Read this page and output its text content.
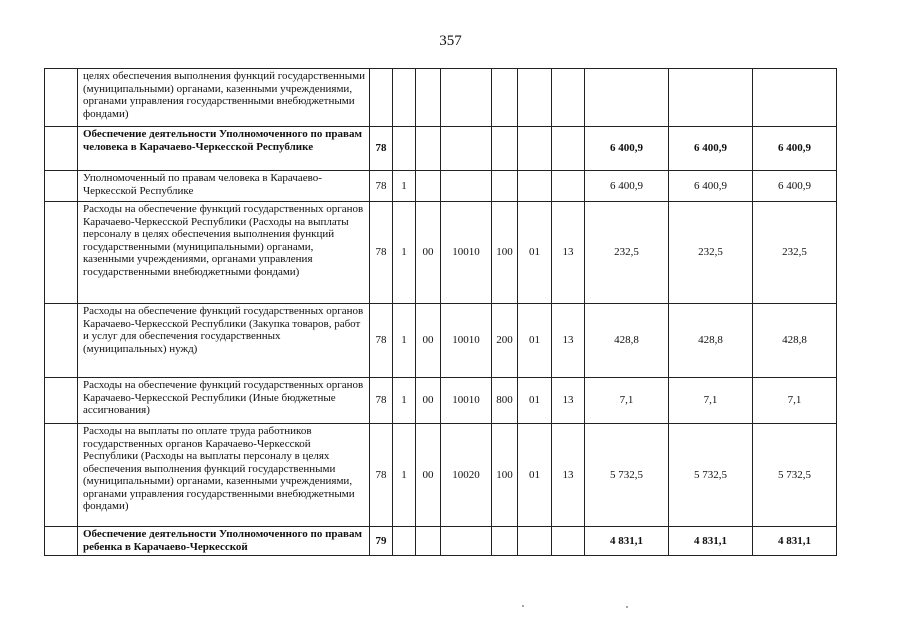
357
	целях обеспечения выполнения функций государственными (муниципальными) органами, казенными учреждениями, органами управления государственными внебюджетными фондами)										
	Обеспечение деятельности Уполномоченного по правам человека в Карачаево-Черкесской Республике	78							6 400,9	6 400,9	6 400,9
	Уполномоченный по правам человека в Карачаево-Черкесской Республике	78	1						6 400,9	6 400,9	6 400,9
	Расходы на обеспечение функций государственных органов Карачаево-Черкесской Республики (Расходы на выплаты персоналу в целях обеспечения выполнения функций государственными (муниципальными) органами, казенными учреждениями, органами управления государственными внебюджетными фондами)	78	1	00	10010	100	01	13	232,5	232,5	232,5
	Расходы на обеспечение функций государственных органов Карачаево-Черкесской Республики (Закупка товаров, работ и услуг для обеспечения государственных (муниципальных) нужд)	78	1	00	10010	200	01	13	428,8	428,8	428,8
	Расходы на обеспечение функций государственных органов Карачаево-Черкесской Республики (Иные бюджетные ассигнования)	78	1	00	10010	800	01	13	7,1	7,1	7,1
	Расходы на выплаты по оплате труда работников государственных органов Карачаево-Черкесской Республики (Расходы на выплаты персоналу в целях обеспечения выполнения функций государственными (муниципальными) органами, казенными учреждениями, органами управления государственными внебюджетными фондами)	78	1	00	10020	100	01	13	5 732,5	5 732,5	5 732,5
	Обеспечение деятельности Уполномоченного по правам ребенка в Карачаево-Черкесской	79							4 831,1	4 831,1	4 831,1
